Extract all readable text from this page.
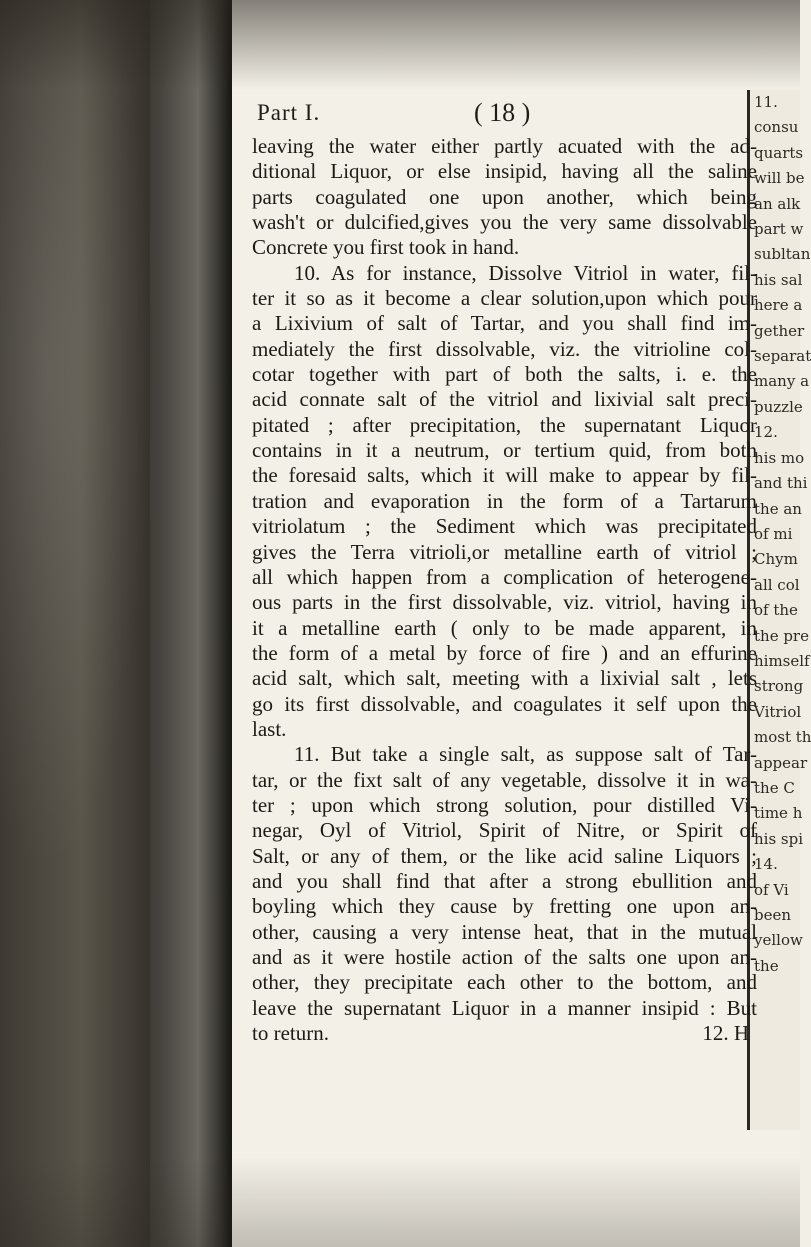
11.
consu
quarts
will be
an alk
part w
subltan
his sal
here a
gether
separat
many a
puzzle
12.
his mo
and thi
the an
of mi
Chym
all col
of the
the pre
himself
strong
Vitriol
most th
appear
the C
time h
his spi
14.
of Vi
been
yellow
the

Part I.	( 18 )
leaving the water either partly acuated with the ad-
ditional Liquor, or else insipid, having all the saline
parts coagulated one upon another, which being
wash't or dulcified,gives you the very same dissolvable
Concrete you first took in hand.
10. As for instance, Dissolve Vitriol in water, fil-
ter it so as it become a clear solution,upon which pour
a Lixivium of salt of Tartar, and you shall find im-
mediately the first dissolvable, viz. the vitrioline col-
cotar together with part of both the salts, i. e. the
acid connate salt of the vitriol and lixivial salt preci-
pitated ; after precipitation, the supernatant Liquor
contains in it a neutrum, or tertium quid, from both
the foresaid salts, which it will make to appear by fil-
tration and evaporation in the form of a Tartarum
vitriolatum ; the Sediment which was precipitated
gives the Terra vitrioli,or metalline earth of vitriol ;
all which happen from a complication of heterogene-
ous parts in the first dissolvable, viz. vitriol, having in
it a metalline earth ( only to be made apparent, in
the form of a metal by force of fire ) and an effurine
acid salt, which salt, meeting with a lixivial salt , lets
go its first dissolvable, and coagulates it self upon the
last.
11. But take a single salt, as suppose salt of Tar-
tar, or the fixt salt of any vegetable, dissolve it in wa-
ter ; upon which strong solution, pour distilled Vi-
negar, Oyl of Vitriol, Spirit of Nitre, or Spirit of
Salt, or any of them, or the like acid saline Liquors ;
and you shall find that after a strong ebullition and
boyling which they cause by fretting one upon an-
other, causing a very intense heat, that in the mutual
and as it were hostile action of the salts one upon an-
other, they precipitate each other to the bottom, and
leave the supernatant Liquor in a manner insipid : But
to return.	12. H
